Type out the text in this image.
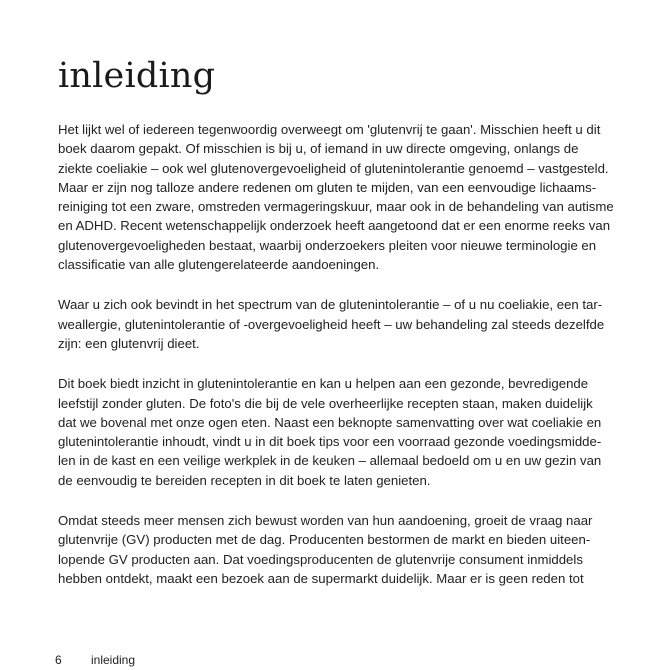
inleiding

Het lijkt wel of iedereen tegenwoordig overweegt om 'glutenvrij te gaan'. Misschien heeft u dit
boek daarom gepakt. Of misschien is bij u, of iemand in uw directe omgeving, onlangs de
ziekte coeliakie – ook wel glutenovergevoeligheid of glutenintolerantie genoemd – vastgesteld.
Maar er zijn nog talloze andere redenen om gluten te mijden, van een eenvoudige lichaams-
reiniging tot een zware, omstreden vermageringskuur, maar ook in de behandeling van autisme
en ADHD. Recent wetenschappelijk onderzoek heeft aangetoond dat er een enorme reeks van
glutenovergevoeligheden bestaat, waarbij onderzoekers pleiten voor nieuwe terminologie en
classificatie van alle glutengerelateerde aandoeningen.

Waar u zich ook bevindt in het spectrum van de glutenintolerantie – of u nu coeliakie, een tar-
weallergie, glutenintolerantie of -overgevoeligheid heeft – uw behandeling zal steeds dezelfde
zijn: een glutenvrij dieet.

Dit boek biedt inzicht in glutenintolerantie en kan u helpen aan een gezonde, bevredigende
leefstijl zonder gluten. De foto's die bij de vele overheerlijke recepten staan, maken duidelijk
dat we bovenal met onze ogen eten. Naast een beknopte samenvatting over wat coeliakie en
glutenintolerantie inhoudt, vindt u in dit boek tips voor een voorraad gezonde voedingsmidde-
len in de kast en een veilige werkplek in de keuken – allemaal bedoeld om u en uw gezin van
de eenvoudig te bereiden recepten in dit boek te laten genieten.

Omdat steeds meer mensen zich bewust worden van hun aandoening, groeit de vraag naar
glutenvrije (GV) producten met de dag. Producenten bestormen de markt en bieden uiteen-
lopende GV producten aan. Dat voedingsproducenten de glutenvrije consument inmiddels
hebben ontdekt, maakt een bezoek aan de supermarkt duidelijk. Maar er is geen reden tot

6 inleiding
